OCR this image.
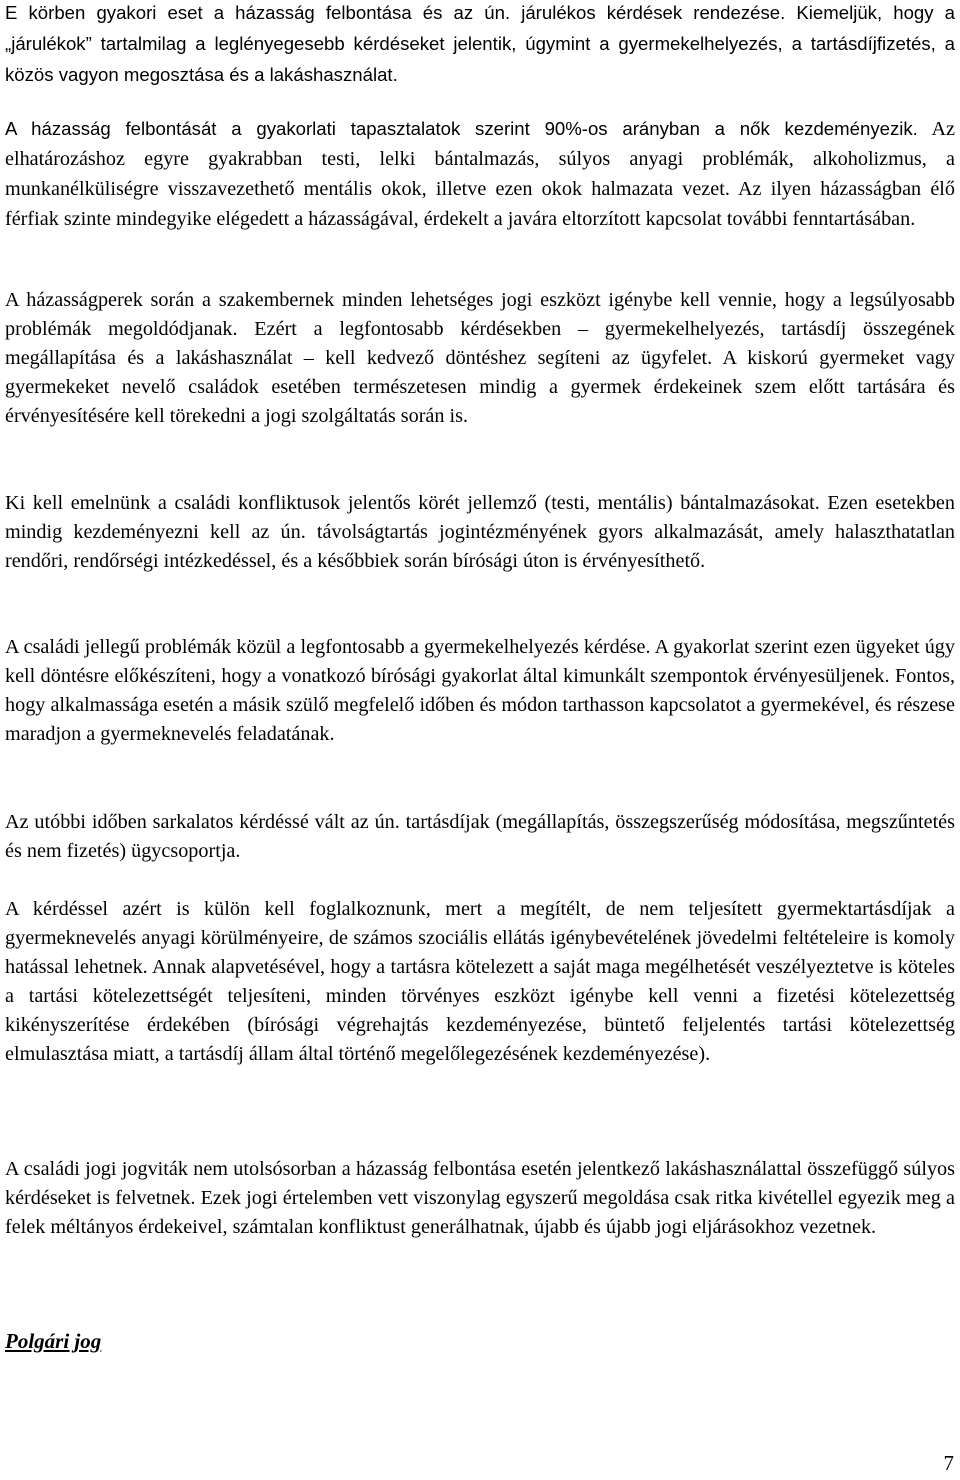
E körben gyakori eset a házasság felbontása és az ún. járulékos kérdések rendezése. Kiemeljük, hogy a „járulékok” tartalmilag a leglényegesebb kérdéseket jelentik, úgymint a gyermekelhelyezés, a tartásdíjfizetés, a közös vagyon megosztása és a lakáshasználat.

A házasság felbontását a gyakorlati tapasztalatok szerint 90%-os arányban a nők kezdeményezik. Az elhatározáshoz egyre gyakrabban testi, lelki bántalmazás, súlyos anyagi problémák, alkoholizmus, a munkanélküliségre visszavezethető mentális okok, illetve ezen okok halmazata vezet. Az ilyen házasságban élő férfiak szinte mindegyike elégedett a házasságával, érdekelt a javára eltorzított kapcsolat további fenntartásában.

A házasságperek során a szakembernek minden lehetséges jogi eszközt igénybe kell vennie, hogy a legsúlyosabb problémák megoldódjanak. Ezért a legfontosabb kérdésekben – gyermekelhelyezés, tartásdíj összegének megállapítása és a lakáshasználat – kell kedvező döntéshez segíteni az ügyfelet. A kiskorú gyermeket vagy gyermekeket nevelő családok esetében természetesen mindig a gyermek érdekeinek szem előtt tartására és érvényesítésére kell törekedni a jogi szolgáltatás során is.

Ki kell emelnünk a családi konfliktusok jelentős körét jellemző (testi, mentális) bántalmazásokat. Ezen esetekben mindig kezdeményezni kell az ún. távolságtartás jogintézményének gyors alkalmazását, amely halaszthatatlan rendőri, rendőrségi intézkedéssel, és a későbbiek során bírósági úton is érvényesíthető.

A családi jellegű problémák közül a legfontosabb a gyermekelhelyezés kérdése. A gyakorlat szerint ezen ügyeket úgy kell döntésre előkészíteni, hogy a vonatkozó bírósági gyakorlat által kimunkált szempontok érvényesüljenek. Fontos, hogy alkalmassága esetén a másik szülő megfelelő időben és módon tarthasson kapcsolatot a gyermekével, és részese maradjon a gyermeknevelés feladatának.

Az utóbbi időben sarkalatos kérdéssé vált az ún. tartásdíjak (megállapítás, összegszerűség módosítása, megszűntetés és nem fizetés) ügycsoportja.

A kérdéssel azért is külön kell foglalkoznunk, mert a megítélt, de nem teljesített gyermektartásdíjak a gyermeknevelés anyagi körülményeire, de számos szociális ellátás igénybevételének jövedelmi feltételeire is komoly hatással lehetnek. Annak alapvetésével, hogy a tartásra kötelezett a saját maga megélhetését veszélyeztetve is köteles a tartási kötelezettségét teljesíteni, minden törvényes eszközt igénybe kell venni a fizetési kötelezettség kikényszerítése érdekében (bírósági végrehajtás kezdeményezése, büntető feljelentés tartási kötelezettség elmulasztása miatt, a tartásdíj állam által történő megelőlegezésének kezdeményezése).

A családi jogi jogviták nem utolsósorban a házasság felbontása esetén jelentkező lakáshasználattal összefüggő súlyos kérdéseket is felvetnek. Ezek jogi értelemben vett viszonylag egyszerű megoldása csak ritka kivétellel egyezik meg a felek méltányos érdekeivel, számtalan konfliktust generálhatnak, újabb és újabb jogi eljárásokhoz vezetnek.

Polgári jog
7
